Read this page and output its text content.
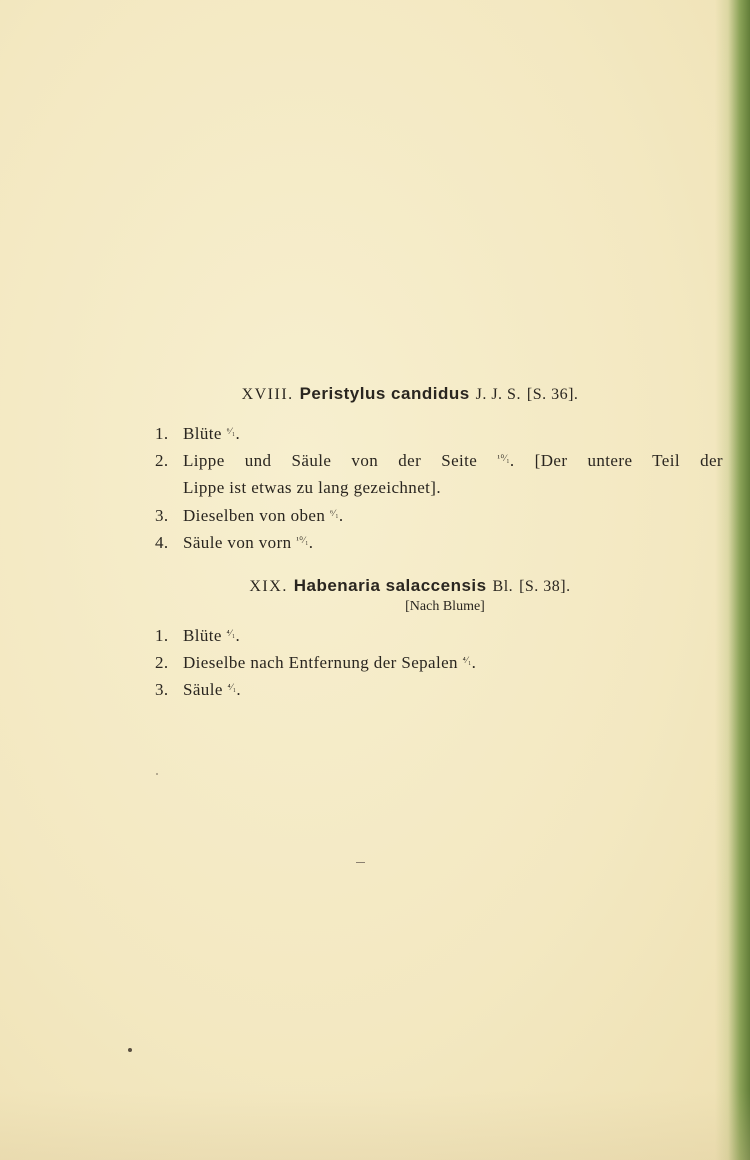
XVIII. Peristylus candidus J. J. S. [S. 36].
1. Blüte $^{^6⁄_1}$.
2. Lippe und Säule von der Seite $^{^{10}⁄_1}$. [Der untere Teil der
Lippe ist etwas zu lang gezeichnet].
3. Dieselben von oben $^{^6⁄_1}$.
4. Säule von vorn $^{^{10}⁄_1}$.
XIX. Habenaria salaccensis Bl. [S. 38].
[Nach Blume]
1. Blüte $^{^4⁄_1}$.
2. Dieselbe nach Entfernung der Sepalen $^{^4⁄_1}$.
3. Säule $^{^4⁄_1}$.
